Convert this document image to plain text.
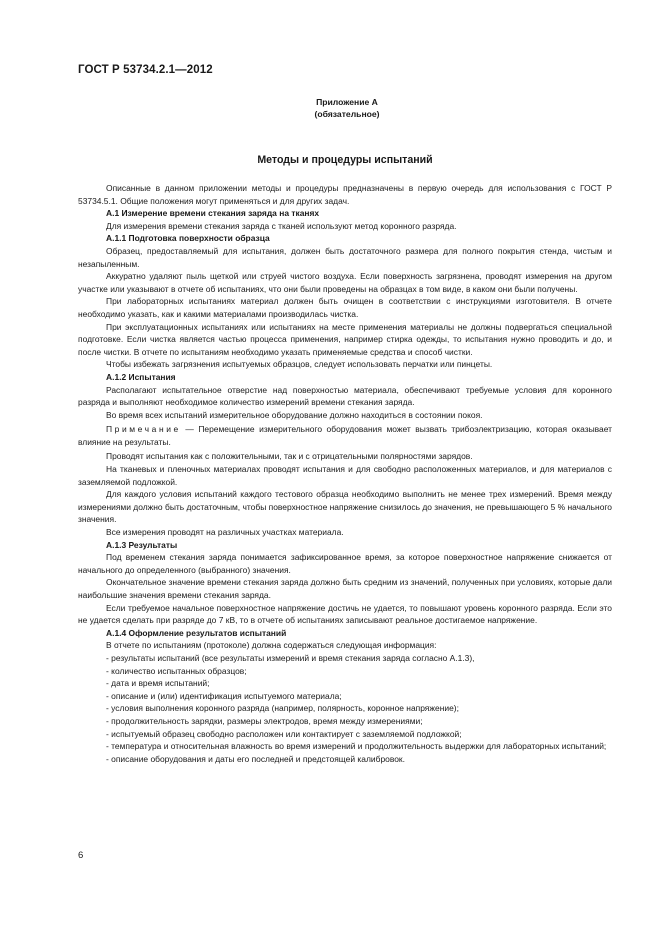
ГОСТ Р 53734.2.1—2012
Приложение А
(обязательное)
Методы и процедуры испытаний

Описанные в данном приложении методы и процедуры предназначены в первую очередь для использования с ГОСТ Р 53734.5.1. Общие положения могут применяться и для других задач.

A.1 Измерение времени стекания заряда на тканях

Для измерения времени стекания заряда с тканей используют метод коронного разряда.

A.1.1 Подготовка поверхности образца

Образец, предоставляемый для испытания, должен быть достаточного размера для полного покрытия стенда, чистым и незапыленным.

Аккуратно удаляют пыль щеткой или струей чистого воздуха. Если поверхность загрязнена, проводят измерения на другом участке или указывают в отчете об испытаниях, что они были проведены на образцах в том виде, в каком они были получены.

При лабораторных испытаниях материал должен быть очищен в соответствии с инструкциями изготовителя. В отчете необходимо указать, как и какими материалами производилась чистка.

При эксплуатационных испытаниях или испытаниях на месте применения материалы не должны подвергаться специальной подготовке. Если чистка является частью процесса применения, например стирка одежды, то испытания нужно проводить и до, и после чистки. В отчете по испытаниям необходимо указать применяемые средства и способ чистки.

Чтобы избежать загрязнения испытуемых образцов, следует использовать перчатки или пинцеты.

A.1.2 Испытания

Располагают испытательное отверстие над поверхностью материала, обеспечивают требуемые условия для коронного разряда и выполняют необходимое количество измерений времени стекания заряда.

Во время всех испытаний измерительное оборудование должно находиться в состоянии покоя.

Примечание — Перемещение измерительного оборудования может вызвать трибоэлектризацию, которая оказывает влияние на результаты.

Проводят испытания как с положительными, так и с отрицательными полярностями зарядов.

На тканевых и пленочных материалах проводят испытания и для свободно расположенных материалов, и для материалов с заземляемой подложкой.

Для каждого условия испытаний каждого тестового образца необходимо выполнить не менее трех измерений. Время между измерениями должно быть достаточным, чтобы поверхностное напряжение снизилось до значения, не превышающего 5 % начального значения.

Все измерения проводят на различных участках материала.

A.1.3 Результаты

Под временем стекания заряда понимается зафиксированное время, за которое поверхностное напряжение снижается от начального до определенного (выбранного) значения.

Окончательное значение времени стекания заряда должно быть средним из значений, полученных при условиях, которые дали наибольшие значения времени стекания заряда.

Если требуемое начальное поверхностное напряжение достичь не удается, то повышают уровень коронного разряда. Если это не удается сделать при разряде до 7 кВ, то в отчете об испытаниях записывают реальное достигаемое напряжение.

A.1.4 Оформление результатов испытаний

В отчете по испытаниям (протоколе) должна содержаться следующая информация:

- результаты испытаний (все результаты измерений и время стекания заряда согласно А.1.3),

- количество испытанных образцов;

- дата и время испытаний;

- описание и (или) идентификация испытуемого материала;

- условия выполнения коронного разряда (например, полярность, коронное напряжение);

- продолжительность зарядки, размеры электродов, время между измерениями;

- испытуемый образец свободно расположен или контактирует с заземляемой подложкой;

- температура и относительная влажность во время измерений и продолжительность выдержки для лабораторных испытаний;

- описание оборудования и даты его последней и предстоящей калибровок.

6
